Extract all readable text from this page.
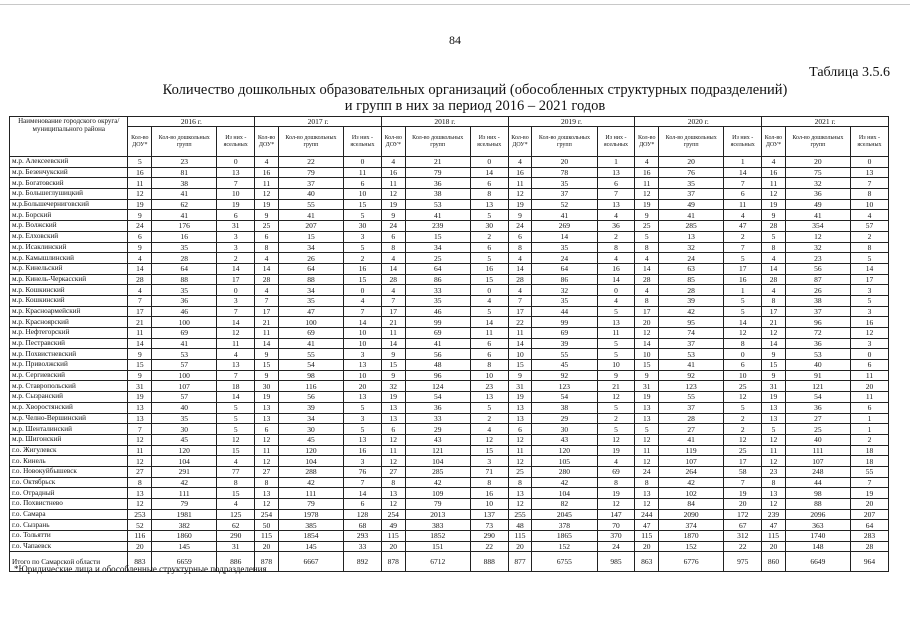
84
Таблица 3.5.6
Количество дошкольных образовательных организаций (обособленных структурных подразделений)
и групп в них за период 2016 – 2021 годов
Наименование городского округа/ муниципального района	2016 г.			2017 г.			2018 г.			2019 г.			2020 г.			2021 г.		
	Кол-во ДОУ*	Кол-во дошкольных групп	Из них - ясельных	Кол-во ДОУ*	Кол-во дошкольных групп	Из них - ясельных	Кол-во ДОУ*	Кол-во дошкольных групп	Из них - ясельных	Кол-во ДОУ*	Кол-во дошкольных групп	Из них - ясельных	Кол-во ДОУ*	Кол-во дошкольных групп	Из них - ясельных	Кол-во ДОУ*	Кол-во дошкольных групп	Из них - ясельных
м.р. Алексеевский	5	23	0	4	22	0	4	21	0	4	20	1	4	20	1	4	20	0
м.р. Безенчукский	16	81	13	16	79	11	16	79	14	16	78	13	16	76	14	16	75	13
м.р. Богатовский	11	38	7	11	37	6	11	36	6	11	35	6	11	35	7	11	32	7
м.р. Большеглушицкий	12	41	10	12	40	10	12	38	8	12	37	7	12	37	6	12	36	8
м.р.Большечерниговский	19	62	19	19	55	15	19	53	13	19	52	13	19	49	11	19	49	10
м.р. Борский	9	41	6	9	41	5	9	41	5	9	41	4	9	41	4	9	41	4
м.р. Волжский	24	176	31	25	207	30	24	239	30	24	269	36	25	285	47	28	354	57
м.р. Елховский	6	16	3	6	15	3	6	15	2	6	14	2	5	13	2	5	12	2
м.р. Исаклинский	9	35	3	8	34	5	8	34	6	8	35	8	8	32	7	8	32	8
м.р. Камышлинский	4	28	2	4	26	2	4	25	5	4	24	4	4	24	5	4	23	5
м.р. Кинельский	14	64	14	14	64	16	14	64	16	14	64	16	14	63	17	14	56	14
м.р. Кинель-Черкасский	28	88	17	28	88	15	28	86	15	28	86	14	28	85	16	28	87	17
м.р. Кошкинский	4	35	0	4	34	0	4	33	0	4	32	0	4	28	1	4	26	3
м.р. Кошкинский	7	36	3	7	35	4	7	35	4	7	35	4	8	39	5	8	38	5
м.р. Красноармейский	17	46	7	17	47	7	17	46	5	17	44	5	17	42	5	17	37	3
м.р. Красноярский	21	100	14	21	100	14	21	99	14	22	99	13	20	95	14	21	96	16
м.р. Нефтегорский	11	69	12	11	69	10	11	69	11	11	69	11	12	74	12	12	72	12
м.р. Пестравский	14	41	11	14	41	10	14	41	6	14	39	5	14	37	8	14	36	3
м.р. Похвистневский	9	53	4	9	55	3	9	56	6	10	55	5	10	53	0	9	53	0
м.р. Приволжский	15	57	13	15	54	13	15	48	8	15	45	10	15	41	6	15	40	6
м.р. Сергиевский	9	100	7	9	98	10	9	96	10	9	92	9	9	92	10	9	91	11
м.р. Ставропольский	31	107	18	30	116	20	32	124	23	31	123	21	31	123	25	31	121	20
м.р. Сызранский	19	57	14	19	56	13	19	54	13	19	54	12	19	55	12	19	54	11
м.р. Хворостянский	13	40	5	13	39	5	13	36	5	13	38	5	13	37	5	13	36	6
м.р. Челно-Вершинский	13	35	5	13	34	3	13	33	2	13	29	2	13	28	2	13	27	1
м.р. Шенталинский	7	30	5	6	30	5	6	29	4	6	30	5	5	27	2	5	25	1
м.р. Шигонский	12	45	12	12	45	13	12	43	12	12	43	12	12	41	12	12	40	2
г.о. Жигулевск	11	120	15	11	120	16	11	121	15	11	120	19	11	119	25	11	111	18
г.о. Кинель	12	104	4	12	104	3	12	104	3	12	105	4	12	107	17	12	107	18
г.о. Новокуйбышевск	27	291	77	27	288	76	27	285	71	25	280	69	24	264	58	23	248	55
г.о. Октябрьск	8	42	8	8	42	7	8	42	8	8	42	8	8	42	7	8	44	7
г.о. Отрадный	13	111	15	13	111	14	13	109	16	13	104	19	13	102	19	13	98	19
г.о. Похвистнево	12	79	4	12	79	6	12	79	10	12	82	12	12	84	20	12	88	20
г.о. Самара	253	1981	125	254	1978	128	254	2013	137	255	2045	147	244	2090	172	239	2096	207
г.о. Сызрань	52	382	62	50	385	68	49	383	73	48	378	70	47	374	67	47	363	64
г.о. Тольятти	116	1860	290	115	1854	293	115	1852	290	115	1865	370	115	1870	312	115	1740	283
г.о. Чапаевск	20	145	31	20	145	33	20	151	22	20	152	24	20	152	22	20	148	28
Итого по Самарской области	883	6659	886	878	6667	892	878	6712	888	877	6755	985	863	6776	975	860	6649	964
*Юридические лица и обособленные структурные подразделения
